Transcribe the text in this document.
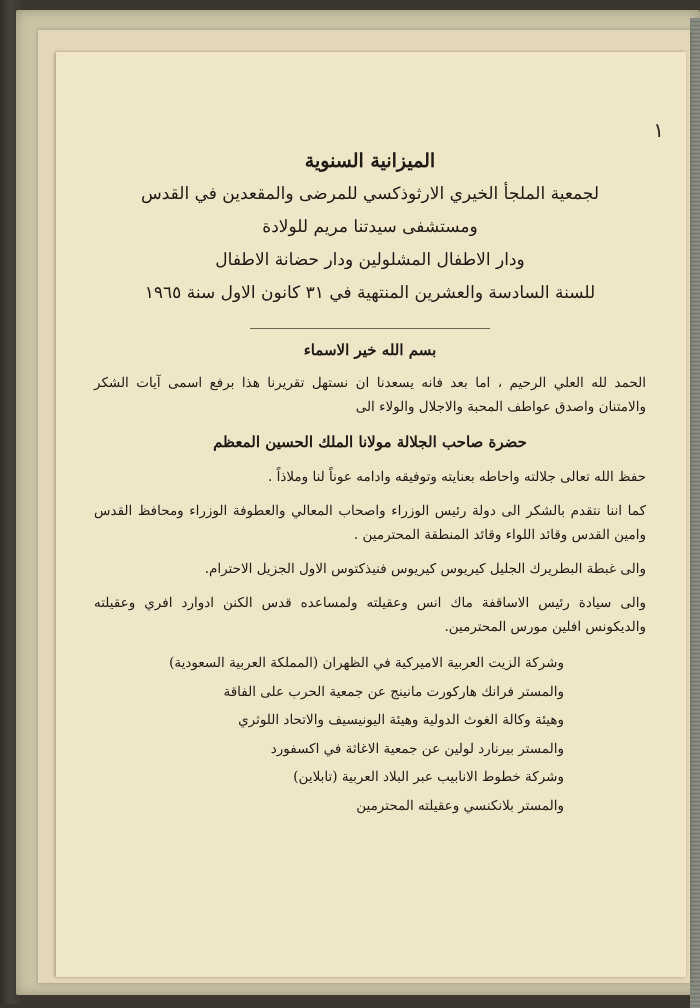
١

الميزانية السنوية

لجمعية الملجأ الخيري الارثوذكسي للمرضى والمقعدين في القدس

ومستشفى سيدتنا مريم للولادة

ودار الاطفال المشلولين ودار حضانة الاطفال

للسنة السادسة والعشرين المنتهية في ٣١ كانون الاول سنة ١٩٦٥

بسم الله خير الاسماء

الحمد لله العلي الرحيم ، اما بعد فانه يسعدنا ان نستهل تقريرنا هذا برفع اسمى آيات الشكر والامتنان واصدق عواطف المحبة والاجلال والولاء الى

حضرة صاحب الجلالة مولانا الملك الحسين المعظم

حفظ الله تعالى جلالته واحاطه بعنايته وتوفيقه وادامه عوناً لنا وملاذاً .

كما اننا نتقدم بالشكر الى دولة رئيس الوزراء واصحاب المعالي والعطوفة الوزراء ومحافظ القدس وامين القدس وقائد اللواء وقائد المنطقة المحترمين .

والى غبطة البطريرك الجليل كيريوس كيريوس فنيذكتوس الاول الجزيل الاحترام.

والى سيادة رئيس الاساقفة ماك انس وعقيلته ولمساعده قدس الكنن ادوارد افري وعقيلته والديكونس افلين مورس المحترمين.

وشركة الزيت العربية الاميركية في الظهران (المملكة العربية السعودية)
والمستر فرانك هاركورت مانينج عن جمعية الحرب على الفاقة
وهيئة وكالة الغوث الدولية وهيئة اليونيسيف والاتحاد اللوثري
والمستر بيرنارد لولين عن جمعية الاغاثة في اكسفورد
وشركة خطوط الانابيب عبر البلاد العربية (تابلاين)
والمستر بلانكنسي وعقيلته المحترمين
